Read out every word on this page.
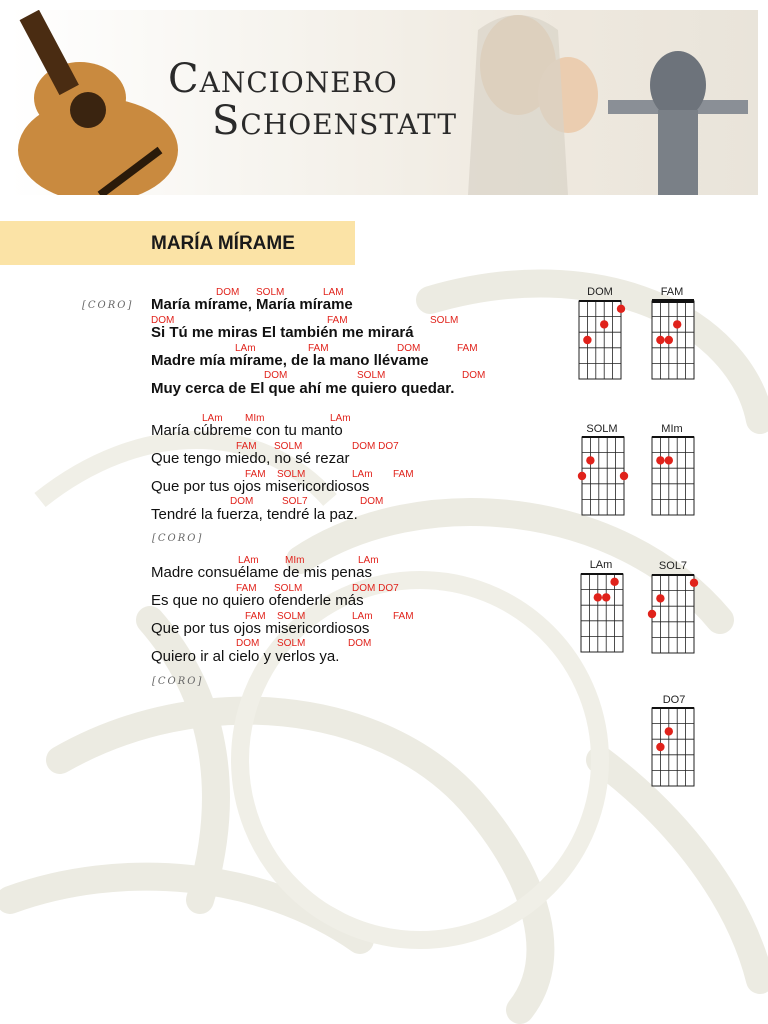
Cancionero
Schoenstatt
MARÍA MÍRAME
[CORO]
[CORO]
[CORO]
DOM SOLM	LAM
María mírame, María mírame
DOM	FAM	SOLM
Si Tú me miras El también me mirará
LAm	FAM	DOM	FAM
Madre mía mírame, de la mano llévame
DOM	SOLM	DOM
Muy cerca de El que ahí me quiero quedar.
LAm MIm	LAm
María cúbreme con tu manto
FAM SOLM	DOM DO7
Que tengo miedo, no sé rezar
FAM SOLM	LAm FAM
Que por tus ojos misericordiosos
DOM	SOL7	DOM
Tendré la fuerza, tendré la paz.
LAm	MIm	LAm
Madre consuélame de mis penas
FAM SOLM	DOM DO7
Es que no quiero ofenderle más
FAM SOLM	LAm FAM
Que por tus ojos misericordiosos
DOM SOLM	DOM
Quiero ir al cielo y verlos ya.
DOM	FAM
SOLM	MIm
LAm	SOL7
DO7
